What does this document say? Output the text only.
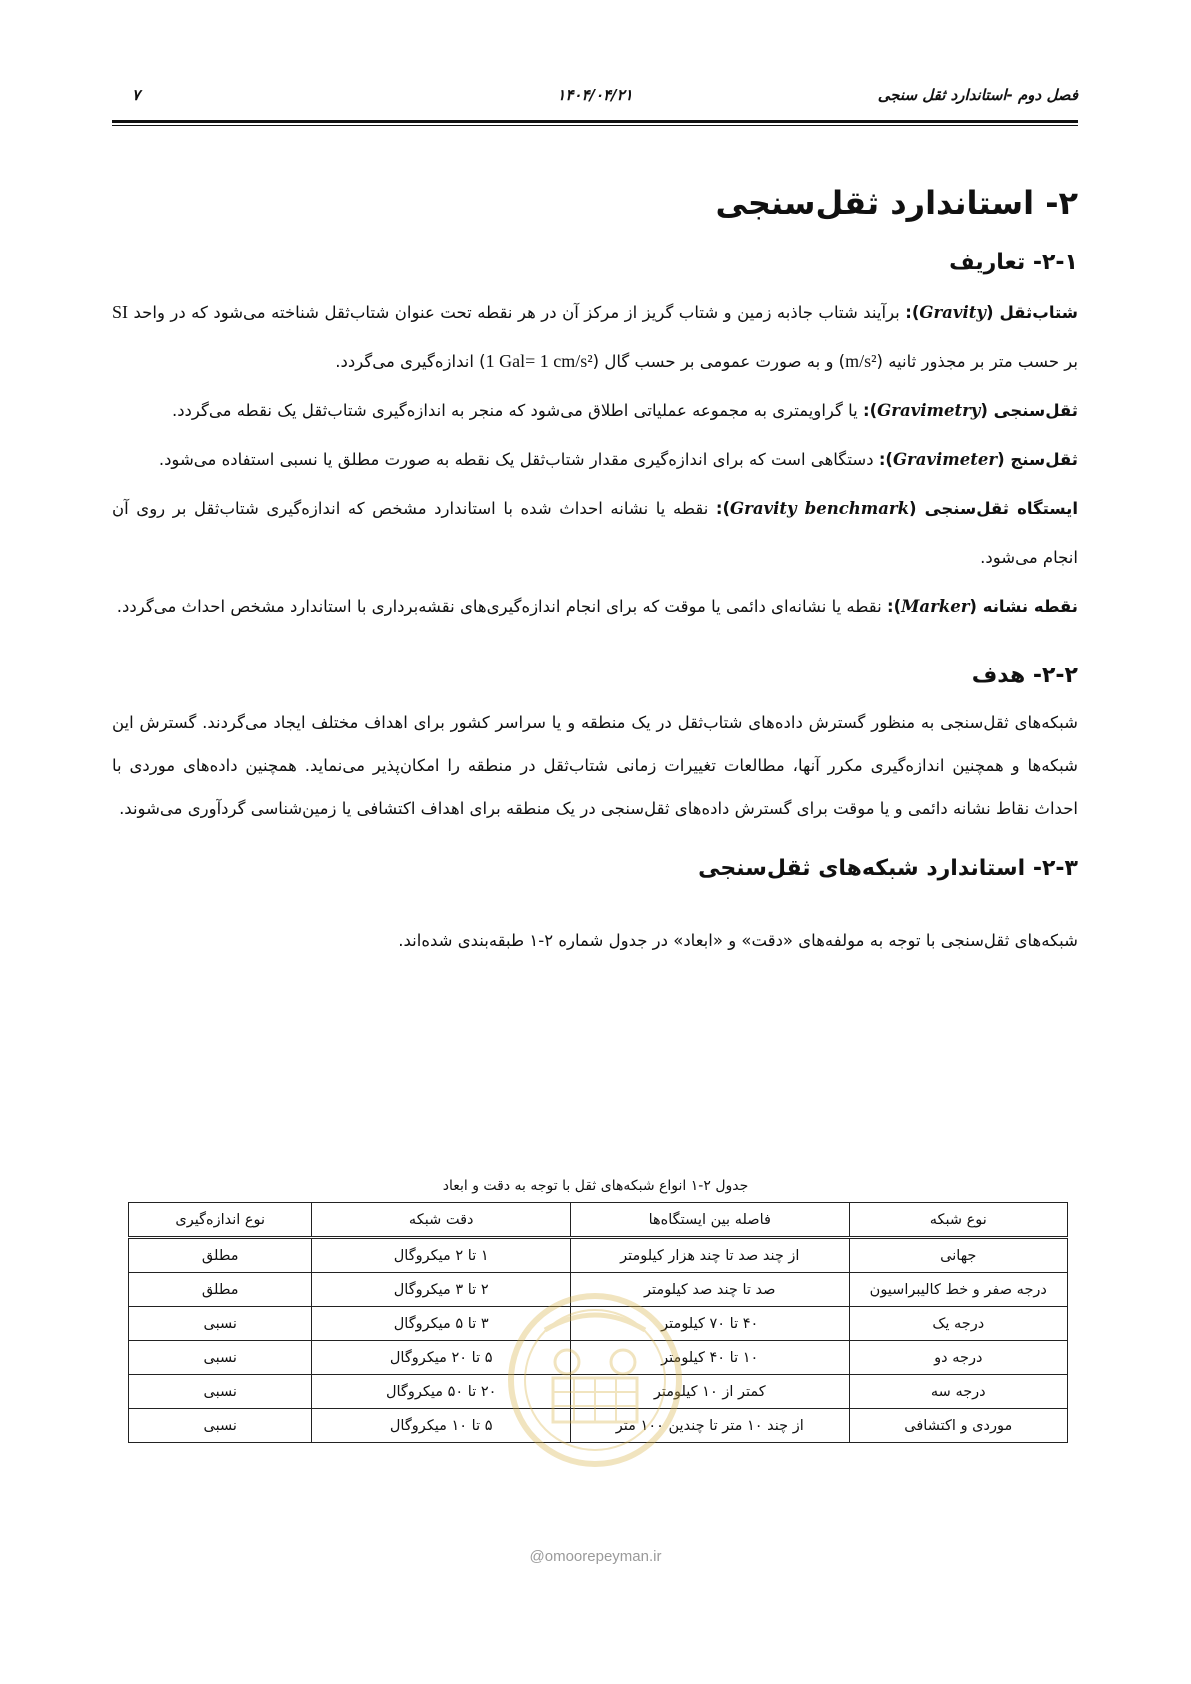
فصل دوم -استاندارد ثقل سنجی
۱۴۰۴/۰۴/۲۱
۷
۲- استاندارد ثقل‌سنجی
۲-۱- تعاریف

شتاب‌ثقل (Gravity): برآیند شتاب جاذبه زمین و شتاب گریز از مرکز آن در هر نقطه تحت عنوان شتاب‌ثقل شناخته می‌شود که در واحد SI بر حسب متر بر مجذور ثانیه (m/s²) و به صورت عمومی بر حسب گال (1 Gal= 1 cm/s²) اندازه‌گیری می‌گردد.

ثقل‌سنجی (Gravimetry): یا گراویمتری به مجموعه عملیاتی اطلاق می‌شود که منجر به اندازه‌گیری شتاب‌ثقل یک نقطه می‌گردد.

ثقل‌سنج (Gravimeter): دستگاهی است که برای اندازه‌گیری مقدار شتاب‌ثقل یک نقطه به صورت مطلق یا نسبی استفاده می‌شود.

ایستگاه ثقل‌سنجی (Gravity benchmark): نقطه یا نشانه احداث شده با استاندارد مشخص که اندازه‌گیری شتاب‌ثقل بر روی آن انجام می‌شود.

نقطه نشانه (Marker): نقطه یا نشانه‌ای دائمی یا موقت که برای انجام اندازه‌گیری‌های نقشه‌برداری با استاندارد مشخص احداث می‌گردد.

۲-۲- هدف

شبکه‌های ثقل‌سنجی به منظور گسترش داده‌های شتاب‌ثقل در یک منطقه و یا سراسر کشور برای اهداف مختلف ایجاد می‌گردند. گسترش این شبکه‌ها و همچنین اندازه‌گیری مکرر آنها، مطالعات تغییرات زمانی شتاب‌ثقل در منطقه را امکان‌پذیر می‌نماید. همچنین داده‌های موردی با احداث نقاط نشانه دائمی و یا موقت برای گسترش داده‌های ثقل‌سنجی در یک منطقه برای اهداف اکتشافی یا زمین‌شناسی گردآوری می‌شوند.

۲-۳- استاندارد شبکه‌های ثقل‌سنجی

شبکه‌های ثقل‌سنجی با توجه به مولفه‌های «دقت» و «ابعاد» در جدول شماره ۲-۱ طبقه‌بندی شده‌اند.

جدول ۲-۱ انواع شبکه‌های ثقل با توجه به دقت و ابعاد
نوع شبکه	فاصله بین ایستگاه‌ها	دقت شبکه	نوع اندازه‌گیری
جهانی	از چند صد تا چند هزار کیلومتر	۱ تا ۲ میکروگال	مطلق
درجه صفر و خط کالیبراسیون	صد تا چند صد کیلومتر	۲ تا ۳ میکروگال	مطلق
درجه یک	۴۰ تا ۷۰ کیلومتر	۳ تا ۵ میکروگال	نسبی
درجه دو	۱۰ تا ۴۰ کیلومتر	۵ تا ۲۰ میکروگال	نسبی
درجه سه	کمتر از ۱۰ کیلومتر	۲۰ تا ۵۰ میکروگال	نسبی
موردی و اکتشافی	از چند ۱۰ متر تا چندین ۱۰۰ متر	۵ تا ۱۰ میکروگال	نسبی
@omoorepeyman.ir
